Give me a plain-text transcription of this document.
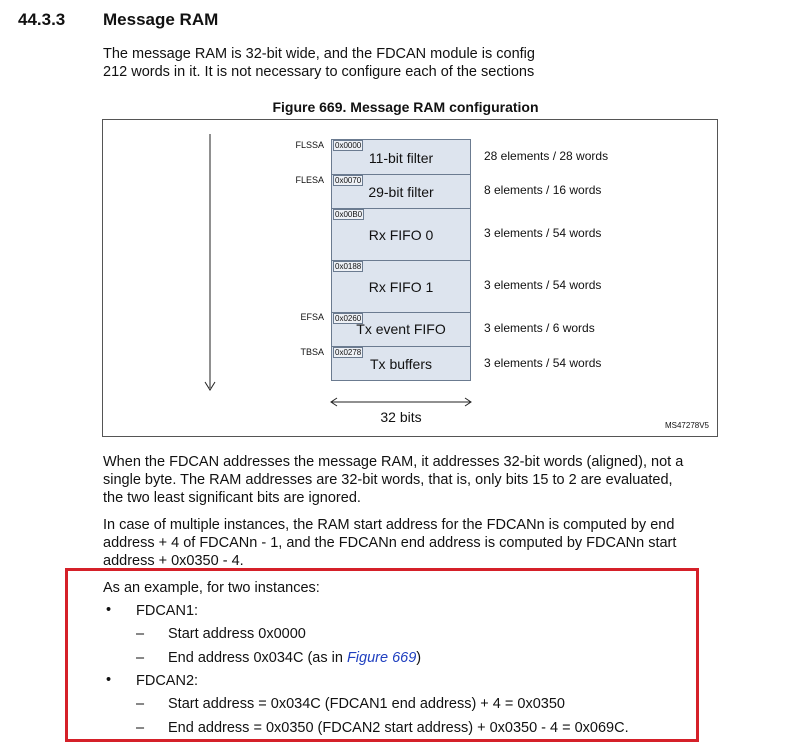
44.3.3 Message RAM
The message RAM is 32-bit wide, and the FDCAN module is config
212 words in it. It is not necessary to configure each of the sections
Figure 669. Message RAM configuration
FLSSA 0x0000
11-bit filter	28 elements / 28 words
FLESA 0x0070
29-bit filter	8 elements / 16 words
0x00B0
Rx FIFO 0	3 elements / 54 words
0x0188
Rx FIFO 1	3 elements / 54 words
EFSA 0x0260
Tx event FIFO	3 elements / 6 words
TBSA 0x0278
Tx buffers	3 elements / 54 words
32 bits
MS47278V5
When the FDCAN addresses the message RAM, it addresses 32-bit words (aligned), not a
single byte. The RAM addresses are 32-bit words, that is, only bits 15 to 2 are evaluated,
the two least significant bits are ignored.
In case of multiple instances, the RAM start address for the FDCANn is computed by end
address + 4 of FDCANn - 1, and the FDCANn end address is computed by FDCANn start
address + 0x0350 - 4.
As an example, for two instances:
• FDCAN1:
– Start address 0x0000
– End address 0x034C (as in Figure 669)
• FDCAN2:
– Start address = 0x034C (FDCAN1 end address) + 4 = 0x0350
– End address = 0x0350 (FDCAN2 start address) + 0x0350 - 4 = 0x069C.
